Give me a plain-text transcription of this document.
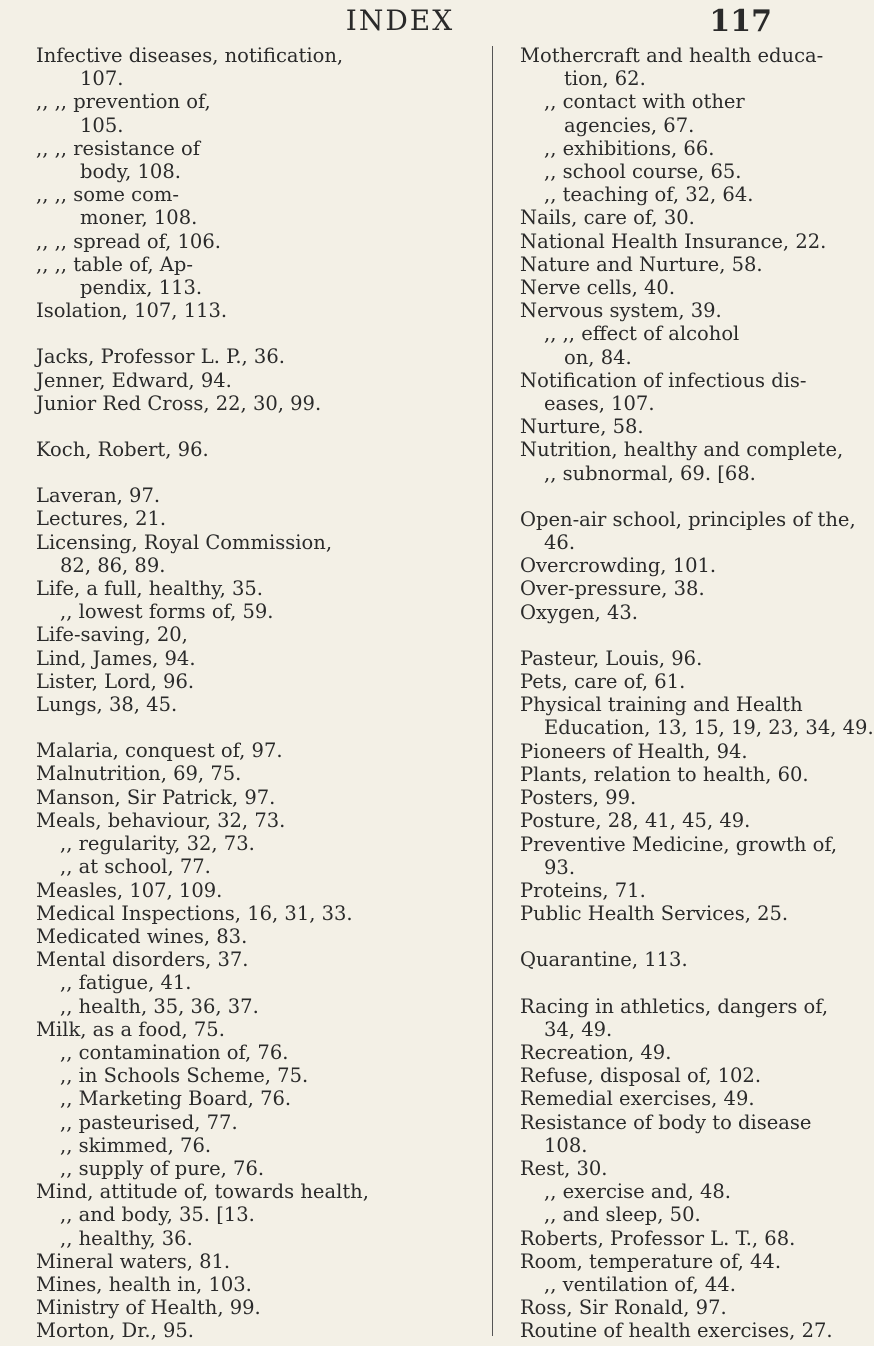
INDEX	117
Infective diseases, notification,
107.
,, ,, prevention of,
105.
,, ,, resistance of
body, 108.
,, ,, some com-
moner, 108.
,, ,, spread of, 106.
,, ,, table of, Ap-
pendix, 113.
Isolation, 107, 113.
Jacks, Professor L. P., 36.
Jenner, Edward, 94.
Junior Red Cross, 22, 30, 99.
Koch, Robert, 96.
Laveran, 97.
Lectures, 21.
Licensing, Royal Commission,
82, 86, 89.
Life, a full, healthy, 35.
,, lowest forms of, 59.
Life-saving, 20,
Lind, James, 94.
Lister, Lord, 96.
Lungs, 38, 45.
Malaria, conquest of, 97.
Malnutrition, 69, 75.
Manson, Sir Patrick, 97.
Meals, behaviour, 32, 73.
,, regularity, 32, 73.
,, at school, 77.
Measles, 107, 109.
Medical Inspections, 16, 31, 33.
Medicated wines, 83.
Mental disorders, 37.
,, fatigue, 41.
,, health, 35, 36, 37.
Milk, as a food, 75.
,, contamination of, 76.
,, in Schools Scheme, 75.
,, Marketing Board, 76.
,, pasteurised, 77.
,, skimmed, 76.
,, supply of pure, 76.
Mind, attitude of, towards health,
,, and body, 35. [13.
,, healthy, 36.
Mineral waters, 81.
Mines, health in, 103.
Ministry of Health, 99.
Morton, Dr., 95.
Mothercraft and health educa-
tion, 62.
,, contact with other
agencies, 67.
,, exhibitions, 66.
,, school course, 65.
,, teaching of, 32, 64.
Nails, care of, 30.
National Health Insurance, 22.
Nature and Nurture, 58.
Nerve cells, 40.
Nervous system, 39.
,, ,, effect of alcohol
on, 84.
Notification of infectious dis-
eases, 107.
Nurture, 58.
Nutrition, healthy and complete,
,, subnormal, 69. [68.
Open-air school, principles of the,
46.
Overcrowding, 101.
Over-pressure, 38.
Oxygen, 43.
Pasteur, Louis, 96.
Pets, care of, 61.
Physical training and Health
Education, 13, 15, 19, 23, 34, 49.
Pioneers of Health, 94.
Plants, relation to health, 60.
Posters, 99.
Posture, 28, 41, 45, 49.
Preventive Medicine, growth of,
93.
Proteins, 71.
Public Health Services, 25.
Quarantine, 113.
Racing in athletics, dangers of,
34, 49.
Recreation, 49.
Refuse, disposal of, 102.
Remedial exercises, 49.
Resistance of body to disease
108.
Rest, 30.
,, exercise and, 48.
,, and sleep, 50.
Roberts, Professor L. T., 68.
Room, temperature of, 44.
,, ventilation of, 44.
Ross, Sir Ronald, 97.
Routine of health exercises, 27.
